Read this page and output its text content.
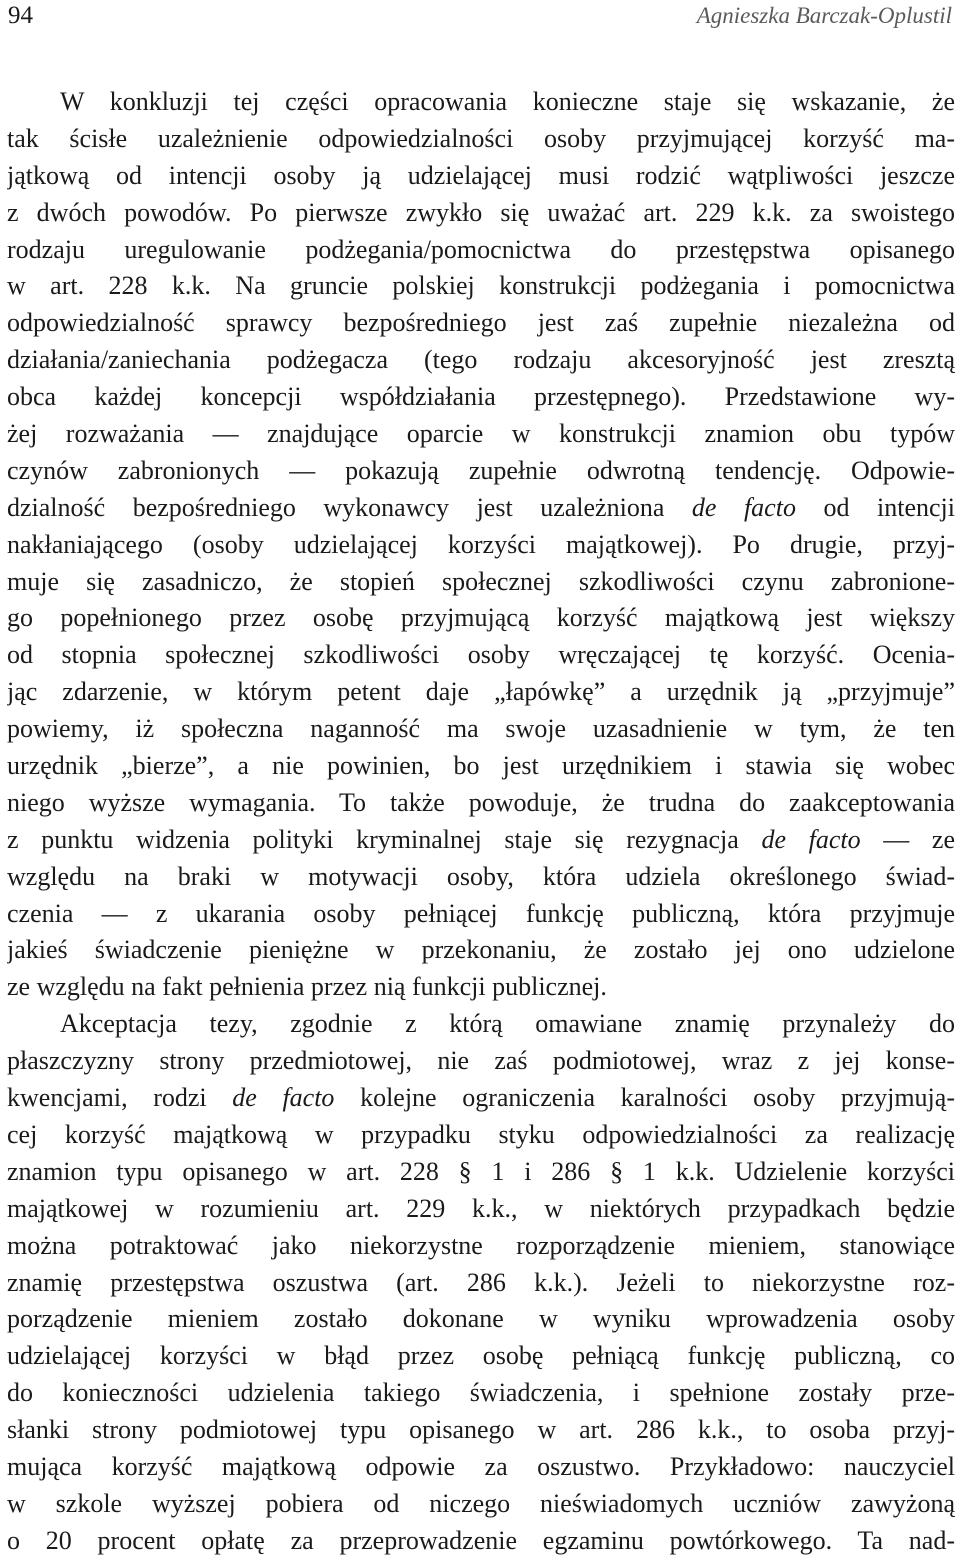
94	Agnieszka Barczak-Oplustil
W konkluzji tej części opracowania konieczne staje się wskazanie, że
tak ścisłe uzależnienie odpowiedzialności osoby przyjmującej korzyść ma-
jątkową od intencji osoby ją udzielającej musi rodzić wątpliwości jeszcze
z dwóch powodów. Po pierwsze zwykło się uważać art. 229 k.k. za swoistego
rodzaju uregulowanie podżegania/pomocnictwa do przestępstwa opisanego
w art. 228 k.k. Na gruncie polskiej konstrukcji podżegania i pomocnictwa
odpowiedzialność sprawcy bezpośredniego jest zaś zupełnie niezależna od
działania/zaniechania podżegacza (tego rodzaju akcesoryjność jest zresztą
obca każdej koncepcji współdziałania przestępnego). Przedstawione wy-
żej rozważania — znajdujące oparcie w konstrukcji znamion obu typów
czynów zabronionych — pokazują zupełnie odwrotną tendencję. Odpowie-
dzialność bezpośredniego wykonawcy jest uzależniona de facto od intencji
nakłaniającego (osoby udzielającej korzyści majątkowej). Po drugie, przyj-
muje się zasadniczo, że stopień społecznej szkodliwości czynu zabronione-
go popełnionego przez osobę przyjmującą korzyść majątkową jest większy
od stopnia społecznej szkodliwości osoby wręczającej tę korzyść. Ocenia-
jąc zdarzenie, w którym petent daje „łapówkę” a urzędnik ją „przyjmuje”
powiemy, iż społeczna naganność ma swoje uzasadnienie w tym, że ten
urzędnik „bierze”, a nie powinien, bo jest urzędnikiem i stawia się wobec
niego wyższe wymagania. To także powoduje, że trudna do zaakceptowania
z punktu widzenia polityki kryminalnej staje się rezygnacja de facto — ze
względu na braki w motywacji osoby, która udziela określonego świad-
czenia — z ukarania osoby pełniącej funkcję publiczną, która przyjmuje
jakieś świadczenie pieniężne w przekonaniu, że zostało jej ono udzielone
ze względu na fakt pełnienia przez nią funkcji publicznej.
Akceptacja tezy, zgodnie z którą omawiane znamię przynależy do
płaszczyzny strony przedmiotowej, nie zaś podmiotowej, wraz z jej konse-
kwencjami, rodzi de facto kolejne ograniczenia karalności osoby przyjmują-
cej korzyść majątkową w przypadku styku odpowiedzialności za realizację
znamion typu opisanego w art. 228 § 1 i 286 § 1 k.k. Udzielenie korzyści
majątkowej w rozumieniu art. 229 k.k., w niektórych przypadkach będzie
można potraktować jako niekorzystne rozporządzenie mieniem, stanowiące
znamię przestępstwa oszustwa (art. 286 k.k.). Jeżeli to niekorzystne roz-
porządzenie mieniem zostało dokonane w wyniku wprowadzenia osoby
udzielającej korzyści w błąd przez osobę pełniącą funkcję publiczną, co
do konieczności udzielenia takiego świadczenia, i spełnione zostały prze-
słanki strony podmiotowej typu opisanego w art. 286 k.k., to osoba przyj-
mująca korzyść majątkową odpowie za oszustwo. Przykładowo: nauczyciel
w szkole wyższej pobiera od niczego nieświadomych uczniów zawyżoną
o 20 procent opłatę za przeprowadzenie egzaminu powtórkowego. Ta nad-
